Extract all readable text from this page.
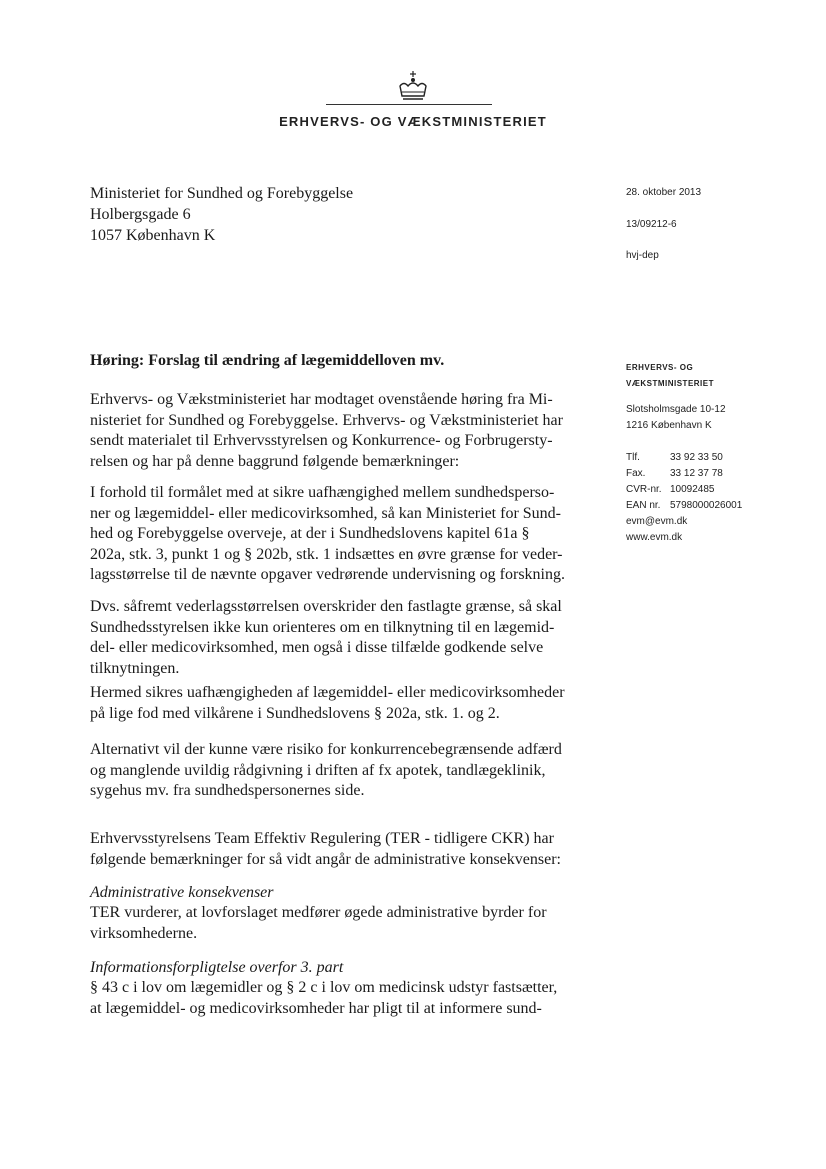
ERHVERVS- OG VÆKSTMINISTERIET
Ministeriet for Sundhed og Forebyggelse
Holbergsgade 6
1057 København K
28. oktober 2013
13/09212-6
hvj-dep
Høring: Forslag til ændring af lægemiddelloven mv.	ERHVERVS- OG
VÆKSTMINISTERIET
Slotsholmsgade 10-12
1216 København K
Tlf.	33 92 33 50
Fax.	33 12 37 78
CVR-nr. 10092485
EAN nr. 5798000026001
evm@evm.dk
www.evm.dk
Erhvervs- og Vækstministeriet har modtaget ovenstående høring fra Mi-
nisteriet for Sundhed og Forebyggelse. Erhvervs- og Vækstministeriet har
sendt materialet til Erhvervsstyrelsen og Konkurrence- og Forbrugersty-
relsen og har på denne baggrund følgende bemærkninger:
I forhold til formålet med at sikre uafhængighed mellem sundhedsperso-
ner og lægemiddel- eller medicovirksomhed, så kan Ministeriet for Sund-
hed og Forebyggelse overveje, at der i Sundhedslovens kapitel 61a §
202a, stk. 3, punkt 1 og § 202b, stk. 1 indsættes en øvre grænse for veder-
lagsstørrelse til de nævnte opgaver vedrørende undervisning og forskning.
Dvs. såfremt vederlagsstørrelsen overskrider den fastlagte grænse, så skal
Sundhedsstyrelsen ikke kun orienteres om en tilknytning til en lægemid-
del- eller medicovirksomhed, men også i disse tilfælde godkende selve
tilknytningen.
Hermed sikres uafhængigheden af lægemiddel- eller medicovirksomheder
på lige fod med vilkårene i Sundhedslovens § 202a, stk. 1. og 2.
Alternativt vil der kunne være risiko for konkurrencebegrænsende adfærd
og manglende uvildig rådgivning i driften af fx apotek, tandlægeklinik,
sygehus mv. fra sundhedspersonernes side.
Erhvervsstyrelsens Team Effektiv Regulering (TER - tidligere CKR) har
følgende bemærkninger for så vidt angår de administrative konsekvenser:
Administrative konsekvenser
TER vurderer, at lovforslaget medfører øgede administrative byrder for
virksomhederne.
Informationsforpligtelse overfor 3. part
§ 43 c i lov om lægemidler og § 2 c i lov om medicinsk udstyr fastsætter,
at lægemiddel- og medicovirksomheder har pligt til at informere sund-
